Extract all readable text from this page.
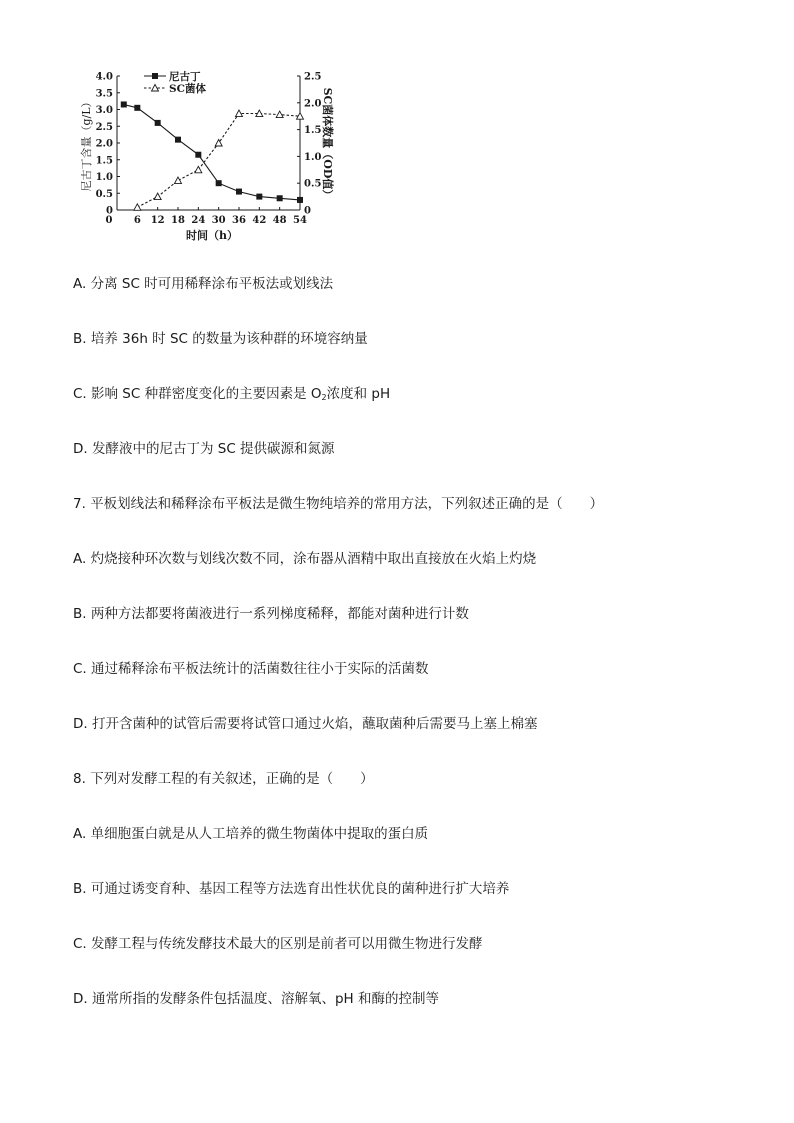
4.0
3.5
3.0
2.5
2.0
1.5
1.0
0.5
0
2.5
2.0
1.5
1.0
0.5
0
6 12 18 24 30 36 42 48 54
0
尼古丁
SC菌体
尼古丁含量（g/L）	SC菌体数量（OD值）
时间（h）
A. 分离 SC 时可用稀释涂布平板法或划线法
B. 培养 36h 时 SC 的数量为该种群的环境容纳量
C. 影响 SC 种群密度变化的主要因素是 $O_2$浓度和 pH
D. 发酵液中的尼古丁为 SC 提供碳源和氮源
7. 平板划线法和稀释涂布平板法是微生物纯培养的常用方法，下列叙述正确的是（　　）
A. 灼烧接种环次数与划线次数不同，涂布器从酒精中取出直接放在火焰上灼烧
B. 两种方法都要将菌液进行一系列梯度稀释，都能对菌种进行计数
C. 通过稀释涂布平板法统计的活菌数往往小于实际的活菌数
D. 打开含菌种的试管后需要将试管口通过火焰，蘸取菌种后需要马上塞上棉塞
8. 下列对发酵工程的有关叙述，正确的是（　　）
A. 单细胞蛋白就是从人工培养的微生物菌体中提取的蛋白质
B. 可通过诱变育种、基因工程等方法选育出性状优良的菌种进行扩大培养
C. 发酵工程与传统发酵技术最大的区别是前者可以用微生物进行发酵
D. 通常所指的发酵条件包括温度、溶解氧、pH 和酶的控制等
